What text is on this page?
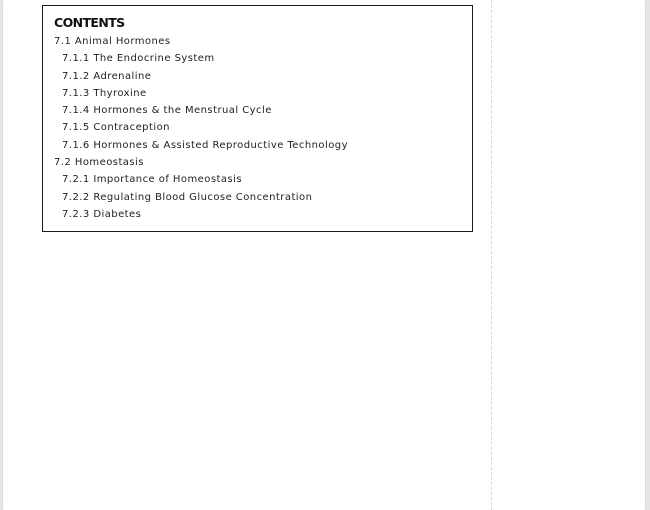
CONTENTS
7.1 Animal Hormones
7.1.1 The Endocrine System
7.1.2 Adrenaline
7.1.3 Thyroxine
7.1.4 Hormones & the Menstrual Cycle
7.1.5 Contraception
7.1.6 Hormones & Assisted Reproductive Technology
7.2 Homeostasis
7.2.1 Importance of Homeostasis
7.2.2 Regulating Blood Glucose Concentration
7.2.3 Diabetes
